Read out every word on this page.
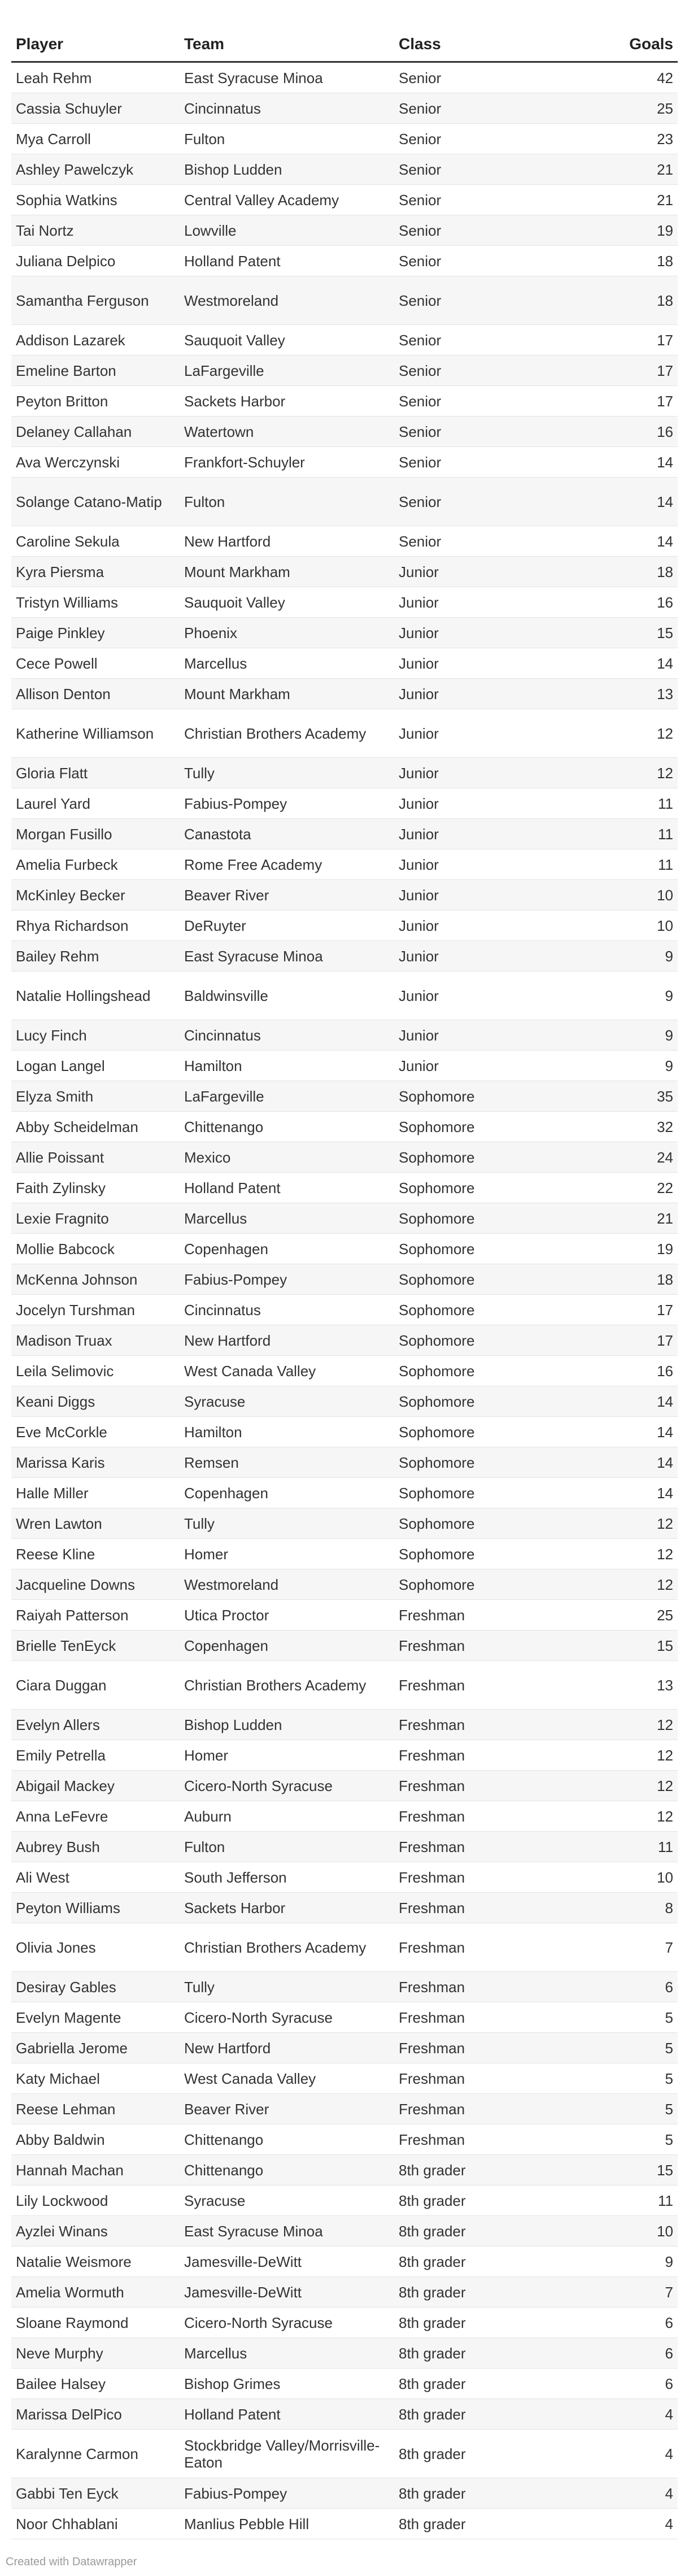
Player	Team	Class	Goals
Leah Rehm	East Syracuse Minoa	Senior	42
Cassia Schuyler	Cincinnatus	Senior	25
Mya Carroll	Fulton	Senior	23
Ashley Pawelczyk	Bishop Ludden	Senior	21
Sophia Watkins	Central Valley Academy	Senior	21
Tai Nortz	Lowville	Senior	19
Juliana Delpico	Holland Patent	Senior	18
Samantha Ferguson	Westmoreland	Senior	18
Addison Lazarek	Sauquoit Valley	Senior	17
Emeline Barton	LaFargeville	Senior	17
Peyton Britton	Sackets Harbor	Senior	17
Delaney Callahan	Watertown	Senior	16
Ava Werczynski	Frankfort-Schuyler	Senior	14
Solange Catano-Matip	Fulton	Senior	14
Caroline Sekula	New Hartford	Senior	14
Kyra Piersma	Mount Markham	Junior	18
Tristyn Williams	Sauquoit Valley	Junior	16
Paige Pinkley	Phoenix	Junior	15
Cece Powell	Marcellus	Junior	14
Allison Denton	Mount Markham	Junior	13
Katherine Williamson	Christian Brothers Academy	Junior	12
Gloria Flatt	Tully	Junior	12
Laurel Yard	Fabius-Pompey	Junior	11
Morgan Fusillo	Canastota	Junior	11
Amelia Furbeck	Rome Free Academy	Junior	11
McKinley Becker	Beaver River	Junior	10
Rhya Richardson	DeRuyter	Junior	10
Bailey Rehm	East Syracuse Minoa	Junior	9
Natalie Hollingshead	Baldwinsville	Junior	9
Lucy Finch	Cincinnatus	Junior	9
Logan Langel	Hamilton	Junior	9
Elyza Smith	LaFargeville	Sophomore	35
Abby Scheidelman	Chittenango	Sophomore	32
Allie Poissant	Mexico	Sophomore	24
Faith Zylinsky	Holland Patent	Sophomore	22
Lexie Fragnito	Marcellus	Sophomore	21
Mollie Babcock	Copenhagen	Sophomore	19
McKenna Johnson	Fabius-Pompey	Sophomore	18
Jocelyn Turshman	Cincinnatus	Sophomore	17
Madison Truax	New Hartford	Sophomore	17
Leila Selimovic	West Canada Valley	Sophomore	16
Keani Diggs	Syracuse	Sophomore	14
Eve McCorkle	Hamilton	Sophomore	14
Marissa Karis	Remsen	Sophomore	14
Halle Miller	Copenhagen	Sophomore	14
Wren Lawton	Tully	Sophomore	12
Reese Kline	Homer	Sophomore	12
Jacqueline Downs	Westmoreland	Sophomore	12
Raiyah Patterson	Utica Proctor	Freshman	25
Brielle TenEyck	Copenhagen	Freshman	15
Ciara Duggan	Christian Brothers Academy	Freshman	13
Evelyn Allers	Bishop Ludden	Freshman	12
Emily Petrella	Homer	Freshman	12
Abigail Mackey	Cicero-North Syracuse	Freshman	12
Anna LeFevre	Auburn	Freshman	12
Aubrey Bush	Fulton	Freshman	11
Ali West	South Jefferson	Freshman	10
Peyton Williams	Sackets Harbor	Freshman	8
Olivia Jones	Christian Brothers Academy	Freshman	7
Desiray Gables	Tully	Freshman	6
Evelyn Magente	Cicero-North Syracuse	Freshman	5
Gabriella Jerome	New Hartford	Freshman	5
Katy Michael	West Canada Valley	Freshman	5
Reese Lehman	Beaver River	Freshman	5
Abby Baldwin	Chittenango	Freshman	5
Hannah Machan	Chittenango	8th grader	15
Lily Lockwood	Syracuse	8th grader	11
Ayzlei Winans	East Syracuse Minoa	8th grader	10
Natalie Weismore	Jamesville-DeWitt	8th grader	9
Amelia Wormuth	Jamesville-DeWitt	8th grader	7
Sloane Raymond	Cicero-North Syracuse	8th grader	6
Neve Murphy	Marcellus	8th grader	6
Bailee Halsey	Bishop Grimes	8th grader	6
Marissa DelPico	Holland Patent	8th grader	4
Karalynne Carmon	Stockbridge Valley/Morrisville-Eaton	8th grader	4
Gabbi Ten Eyck	Fabius-Pompey	8th grader	4
Noor Chhablani	Manlius Pebble Hill	8th grader	4
Created with Datawrapper
